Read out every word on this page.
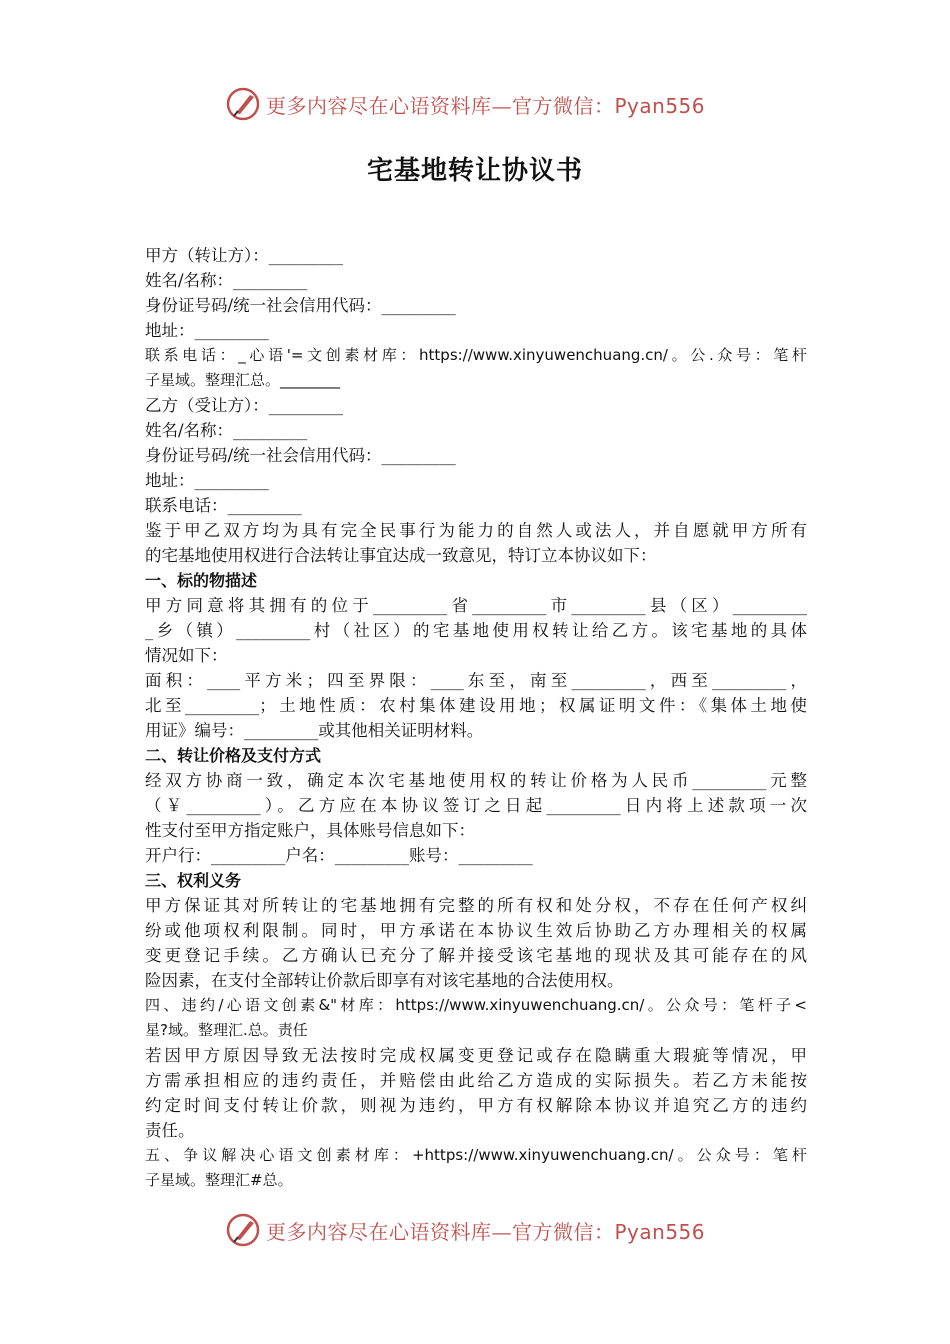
更多内容尽在心语资料库—官方微信：Pyan556
宅基地转让协议书
甲方（转让方）：_________
姓名/名称：_________
身份证号码/统一社会信用代码：_________
地址：_________
联系电话：_心语'=文创素材库：https://www.xinyuwenchuang.cn/。公.众号：笔杆
子星域。整理汇总。________
乙方（受让方）：_________
姓名/名称：_________
身份证号码/统一社会信用代码：_________
地址：_________
联系电话：_________
鉴于甲乙双方均为具有完全民事行为能力的自然人或法人，并自愿就甲方所有
的宅基地使用权进行合法转让事宜达成一致意见，特订立本协议如下：
一、标的物描述
甲方同意将其拥有的位于_________省_________市_________县（区）_________
_乡（镇）_________村（社区）的宅基地使用权转让给乙方。该宅基地的具体
情况如下：
面积：____平方米；四至界限：____东至，南至_________，西至_________，
北至_________；土地性质：农村集体建设用地；权属证明文件：《集体土地使
用证》编号：_________或其他相关证明材料。
二、转让价格及支付方式
经双方协商一致，确定本次宅基地使用权的转让价格为人民币_________元整
（￥_________）。乙方应在本协议签订之日起_________日内将上述款项一次
性支付至甲方指定账户，具体账号信息如下：
开户行：_________户名：_________账号：_________
三、权利义务
甲方保证其对所转让的宅基地拥有完整的所有权和处分权，不存在任何产权纠
纷或他项权利限制。同时，甲方承诺在本协议生效后协助乙方办理相关的权属
变更登记手续。乙方确认已充分了解并接受该宅基地的现状及其可能存在的风
险因素，在支付全部转让价款后即享有对该宅基地的合法使用权。
四、违约/心语文创素&"材库：https://www.xinyuwenchuang.cn/。公众号：笔杆子<
星?域。整理汇.总。责任
若因甲方原因导致无法按时完成权属变更登记或存在隐瞒重大瑕疵等情况，甲
方需承担相应的违约责任，并赔偿由此给乙方造成的实际损失。若乙方未能按
约定时间支付转让价款，则视为违约，甲方有权解除本协议并追究乙方的违约
责任。
五、争议解决心语文创素材库：+https://www.xinyuwenchuang.cn/。公众号：笔杆
子星域。整理汇#总。
更多内容尽在心语资料库—官方微信：Pyan556
